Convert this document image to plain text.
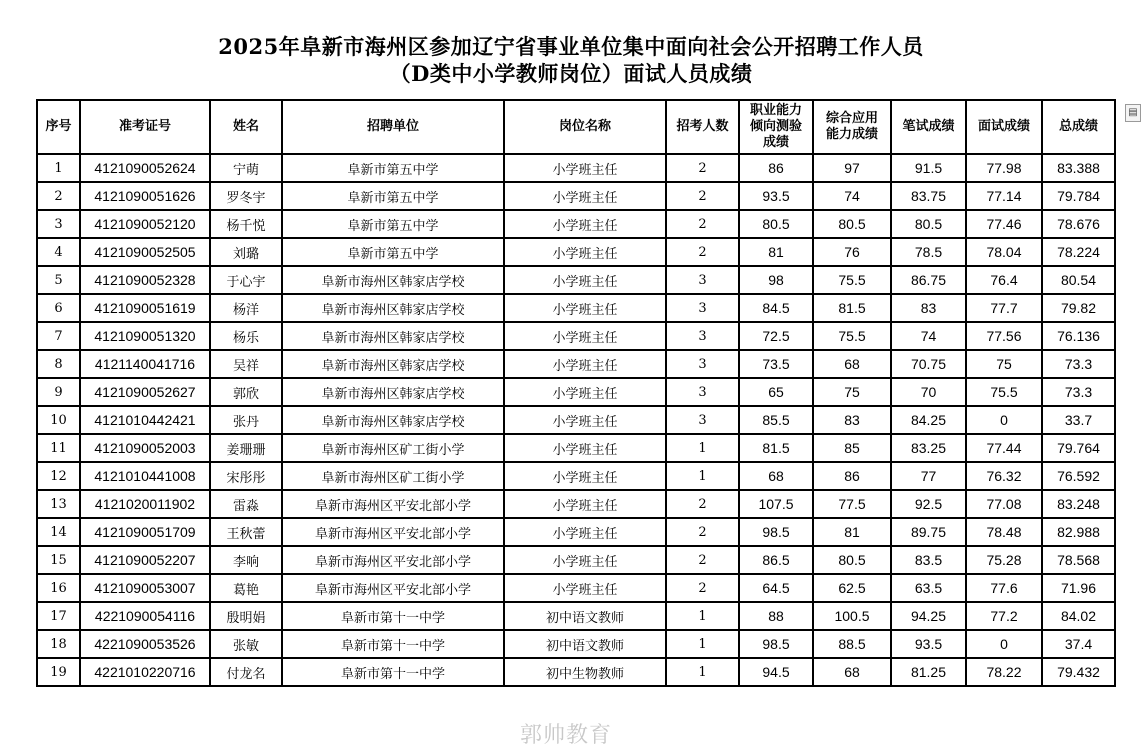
2025年阜新市海州区参加辽宁省事业单位集中面向社会公开招聘工作人员
（D类中小学教师岗位）面试人员成绩
序号	准考证号	姓名	招聘单位	岗位名称	招考人数	职业能力倾向测验成绩	综合应用能力成绩	笔试成绩	面试成绩	总成绩
1	4121090052624	宁萌	阜新市第五中学	小学班主任	2	86	97	91.5	77.98	83.388
2	4121090051626	罗冬宇	阜新市第五中学	小学班主任	2	93.5	74	83.75	77.14	79.784
3	4121090052120	杨千悦	阜新市第五中学	小学班主任	2	80.5	80.5	80.5	77.46	78.676
4	4121090052505	刘璐	阜新市第五中学	小学班主任	2	81	76	78.5	78.04	78.224
5	4121090052328	于心宇	阜新市海州区韩家店学校	小学班主任	3	98	75.5	86.75	76.4	80.54
6	4121090051619	杨洋	阜新市海州区韩家店学校	小学班主任	3	84.5	81.5	83	77.7	79.82
7	4121090051320	杨乐	阜新市海州区韩家店学校	小学班主任	3	72.5	75.5	74	77.56	76.136
8	4121140041716	吴祥	阜新市海州区韩家店学校	小学班主任	3	73.5	68	70.75	75	73.3
9	4121090052627	郭欣	阜新市海州区韩家店学校	小学班主任	3	65	75	70	75.5	73.3
10	4121010442421	张丹	阜新市海州区韩家店学校	小学班主任	3	85.5	83	84.25	0	33.7
11	4121090052003	姜珊珊	阜新市海州区矿工街小学	小学班主任	1	81.5	85	83.25	77.44	79.764
12	4121010441008	宋彤彤	阜新市海州区矿工街小学	小学班主任	1	68	86	77	76.32	76.592
13	4121020011902	雷淼	阜新市海州区平安北部小学	小学班主任	2	107.5	77.5	92.5	77.08	83.248
14	4121090051709	王秋蕾	阜新市海州区平安北部小学	小学班主任	2	98.5	81	89.75	78.48	82.988
15	4121090052207	李响	阜新市海州区平安北部小学	小学班主任	2	86.5	80.5	83.5	75.28	78.568
16	4121090053007	葛艳	阜新市海州区平安北部小学	小学班主任	2	64.5	62.5	63.5	77.6	71.96
17	4221090054116	殷明娟	阜新市第十一中学	初中语文教师	1	88	100.5	94.25	77.2	84.02
18	4221090053526	张敏	阜新市第十一中学	初中语文教师	1	98.5	88.5	93.5	0	37.4
19	4221010220716	付龙名	阜新市第十一中学	初中生物教师	1	94.5	68	81.25	78.22	79.432
▤
郭帅教育
